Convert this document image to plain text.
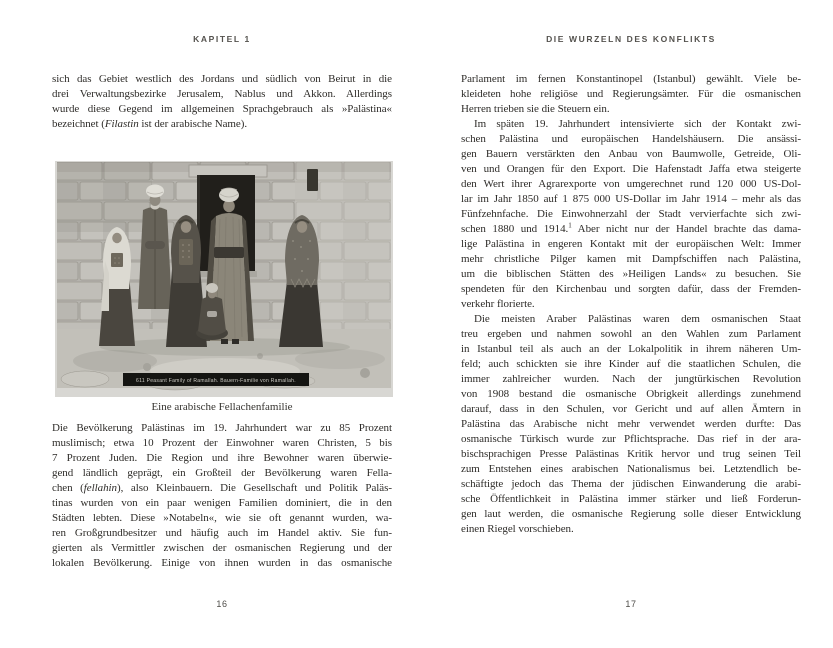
KAPITEL 1
sich das Gebiet westlich des Jordans und südlich von Beirut in die
drei Verwaltungsbezirke Jerusalem, Nablus und Akkon. Allerdings
wurde diese Gegend im allgemeinen Sprachgebrauch als »Palästina«
bezeichnet (Filastin ist der arabische Name).
611 Peasant Family of Ramallah. Bauern-Familie von Ramallah.
Eine arabische Fellachenfamilie
Die Bevölkerung Palästinas im 19. Jahrhundert war zu 85 Prozent
muslimisch; etwa 10 Prozent der Einwohner waren Christen, 5 bis
7 Prozent Juden. Die Region und ihre Bewohner waren überwie-
gend ländlich geprägt, ein Großteil der Bevölkerung waren Fella-
chen (fellahin), also Kleinbauern. Die Gesellschaft und Politik Paläs-
tinas wurden von ein paar wenigen Familien dominiert, die in den
Städten lebten. Diese »Notabeln«, wie sie oft genannt wurden, wa-
ren Großgrundbesitzer und häufig auch im Handel aktiv. Sie fun-
gierten als Vermittler zwischen der osmanischen Regierung und der
lokalen Bevölkerung. Einige von ihnen wurden in das osmanische
16
DIE WURZELN DES KONFLIKTS
Parlament im fernen Konstantinopel (Istanbul) gewählt. Viele be-
kleideten hohe religiöse und Regierungsämter. Für die osmanischen
Herren trieben sie die Steuern ein.
Im späten 19. Jahrhundert intensivierte sich der Kontakt zwi-
schen Palästina und europäischen Handelshäusern. Die ansässi-
gen Bauern verstärkten den Anbau von Baumwolle, Getreide, Oli-
ven und Orangen für den Export. Die Hafenstadt Jaffa etwa steigerte
den Wert ihrer Agrarexporte von umgerechnet rund 120 000 US-Dol-
lar im Jahr 1850 auf 1 875 000 US-Dollar im Jahr 1914 – mehr als das
Fünfzehnfache. Die Einwohnerzahl der Stadt vervierfachte sich zwi-
schen 1880 und 1914.$^1$ Aber nicht nur der Handel brachte das dama-
lige Palästina in engeren Kontakt mit der europäischen Welt: Immer
mehr christliche Pilger kamen mit Dampfschiffen nach Palästina,
um die biblischen Stätten des »Heiligen Lands« zu besuchen. Sie
spendeten für den Kirchenbau und sorgten dafür, dass der Fremden-
verkehr florierte.
Die meisten Araber Palästinas waren dem osmanischen Staat
treu ergeben und nahmen sowohl an den Wahlen zum Parlament
in Istanbul teil als auch an der Lokalpolitik in ihrem näheren Um-
feld; auch schickten sie ihre Kinder auf die staatlichen Schulen, die
immer zahlreicher wurden. Nach der jungtürkischen Revolution
von 1908 bestand die osmanische Obrigkeit allerdings zunehmend
darauf, dass in den Schulen, vor Gericht und auf allen Ämtern in
Palästina das Arabische nicht mehr verwendet werden durfte: Das
osmanische Türkisch wurde zur Pflichtsprache. Das rief in der ara-
bischsprachigen Presse Palästinas Kritik hervor und trug seinen Teil
zum Entstehen eines arabischen Nationalismus bei. Letztendlich be-
schäftigte jedoch das Thema der jüdischen Einwanderung die arabi-
sche Öffentlichkeit in Palästina immer stärker und ließ Forderun-
gen laut werden, die osmanische Regierung solle dieser Entwicklung
einen Riegel vorschieben.
17
